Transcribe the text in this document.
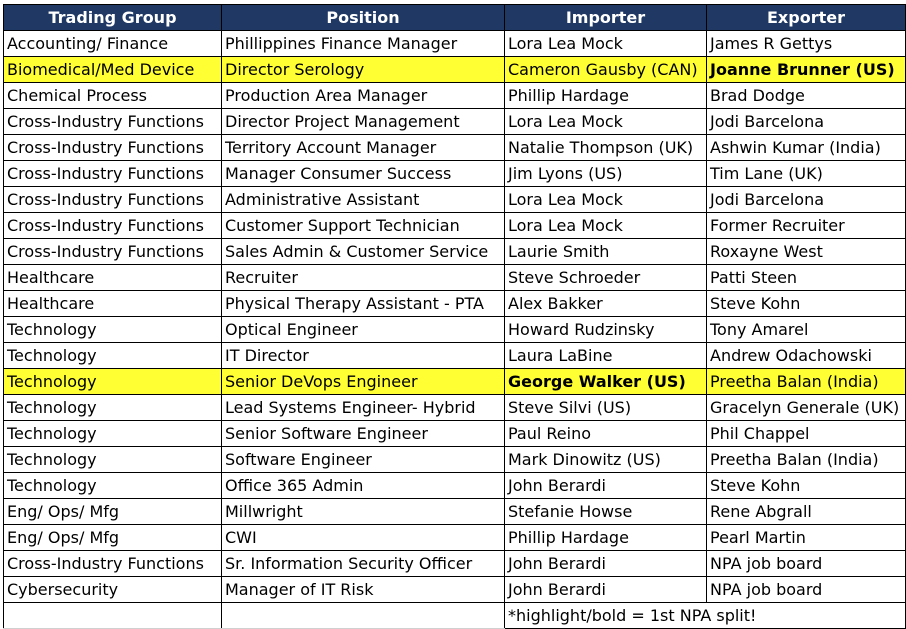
Trading Group	Position	Importer	Exporter
Accounting/ Finance	Phillippines Finance Manager	Lora Lea Mock	James R Gettys
Biomedical/Med Device	Director Serology	Cameron Gausby (CAN)	Joanne Brunner (US)
Chemical Process	Production Area Manager	Phillip Hardage	Brad Dodge
Cross-Industry Functions	Director Project Management	Lora Lea Mock	Jodi Barcelona
Cross-Industry Functions	Territory Account Manager	Natalie Thompson (UK)	Ashwin Kumar (India)
Cross-Industry Functions	Manager Consumer Success	Jim Lyons (US)	Tim Lane (UK)
Cross-Industry Functions	Administrative Assistant	Lora Lea Mock	Jodi Barcelona
Cross-Industry Functions	Customer Support Technician	Lora Lea Mock	Former Recruiter
Cross-Industry Functions	Sales Admin & Customer Service	Laurie Smith	Roxayne West
Healthcare	Recruiter	Steve Schroeder	Patti Steen
Healthcare	Physical Therapy Assistant - PTA	Alex Bakker	Steve Kohn
Technology	Optical Engineer	Howard Rudzinsky	Tony Amarel
Technology	IT Director	Laura LaBine	Andrew Odachowski
Technology	Senior DeVops Engineer	George Walker (US)	Preetha Balan (India)
Technology	Lead Systems Engineer- Hybrid	Steve Silvi (US)	Gracelyn Generale (UK)
Technology	Senior Software Engineer	Paul Reino	Phil Chappel
Technology	Software Engineer	Mark Dinowitz (US)	Preetha Balan (India)
Technology	Office 365 Admin	John Berardi	Steve Kohn
Eng/ Ops/ Mfg	Millwright	Stefanie Howse	Rene Abgrall
Eng/ Ops/ Mfg	CWI	Phillip Hardage	Pearl Martin
Cross-Industry Functions	Sr. Information Security Officer	John Berardi	NPA job board
Cybersecurity	Manager of IT Risk	John Berardi	NPA job board
		*highlight/bold = 1st NPA split!	
